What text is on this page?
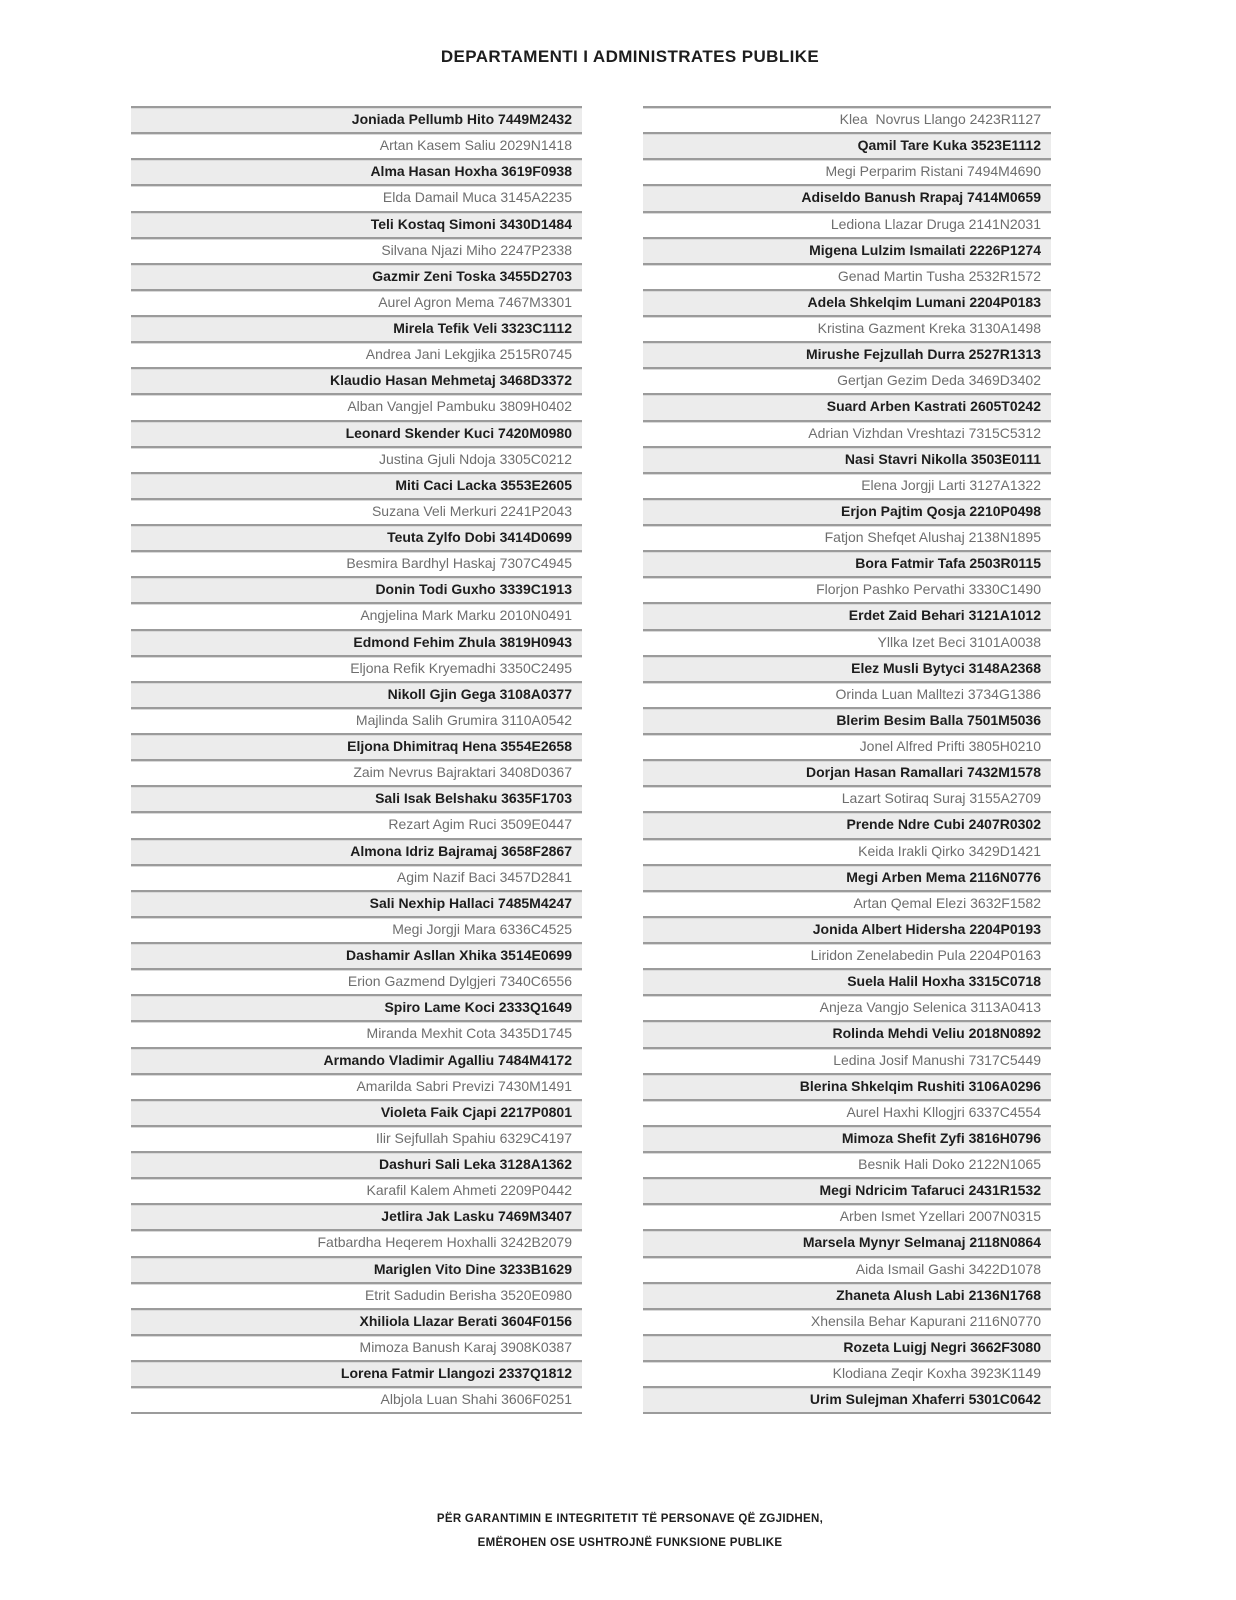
DEPARTAMENTI I ADMINISTRATES PUBLIKE
Joniada Pellumb Hito 7449M2432
Artan Kasem Saliu 2029N1418
Alma Hasan Hoxha 3619F0938
Elda Damail Muca 3145A2235
Teli Kostaq Simoni 3430D1484
Silvana Njazi Miho 2247P2338
Gazmir Zeni Toska 3455D2703
Aurel Agron Mema 7467M3301
Mirela Tefik Veli 3323C1112
Andrea Jani Lekgjika 2515R0745
Klaudio Hasan Mehmetaj 3468D3372
Alban Vangjel Pambuku 3809H0402
Leonard Skender Kuci 7420M0980
Justina Gjuli Ndoja 3305C0212
Miti Caci Lacka 3553E2605
Suzana Veli Merkuri 2241P2043
Teuta Zylfo Dobi 3414D0699
Besmira Bardhyl Haskaj 7307C4945
Donin Todi Guxho 3339C1913
Angjelina Mark Marku 2010N0491
Edmond Fehim Zhula 3819H0943
Eljona Refik Kryemadhi 3350C2495
Nikoll Gjin Gega 3108A0377
Majlinda Salih Grumira 3110A0542
Eljona Dhimitraq Hena 3554E2658
Zaim Nevrus Bajraktari 3408D0367
Sali Isak Belshaku 3635F1703
Rezart Agim Ruci 3509E0447
Almona Idriz Bajramaj 3658F2867
Agim Nazif Baci 3457D2841
Sali Nexhip Hallaci 7485M4247
Megi Jorgji Mara 6336C4525
Dashamir Asllan Xhika 3514E0699
Erion Gazmend Dylgjeri 7340C6556
Spiro Lame Koci 2333Q1649
Miranda Mexhit Cota 3435D1745
Armando Vladimir Agalliu 7484M4172
Amarilda Sabri Previzi 7430M1491
Violeta Faik Cjapi 2217P0801
Ilir Sejfullah Spahiu 6329C4197
Dashuri Sali Leka 3128A1362
Karafil Kalem Ahmeti 2209P0442
Jetlira Jak Lasku 7469M3407
Fatbardha Heqerem Hoxhalli 3242B2079
Mariglen Vito Dine 3233B1629
Etrit Sadudin Berisha 3520E0980
Xhiliola Llazar Berati 3604F0156
Mimoza Banush Karaj 3908K0387
Lorena Fatmir Llangozi 2337Q1812
Albjola Luan Shahi 3606F0251
Klea  Novrus Llango 2423R1127
Qamil Tare Kuka 3523E1112
Megi Perparim Ristani 7494M4690
Adiseldo Banush Rrapaj 7414M0659
Lediona Llazar Druga 2141N2031
Migena Lulzim Ismailati 2226P1274
Genad Martin Tusha 2532R1572
Adela Shkelqim Lumani 2204P0183
Kristina Gazment Kreka 3130A1498
Mirushe Fejzullah Durra 2527R1313
Gertjan Gezim Deda 3469D3402
Suard Arben Kastrati 2605T0242
Adrian Vizhdan Vreshtazi 7315C5312
Nasi Stavri Nikolla 3503E0111
Elena Jorgji Larti 3127A1322
Erjon Pajtim Qosja 2210P0498
Fatjon Shefqet Alushaj 2138N1895
Bora Fatmir Tafa 2503R0115
Florjon Pashko Pervathi 3330C1490
Erdet Zaid Behari 3121A1012
Yllka Izet Beci 3101A0038
Elez Musli Bytyci 3148A2368
Orinda Luan Malltezi 3734G1386
Blerim Besim Balla 7501M5036
Jonel Alfred Prifti 3805H0210
Dorjan Hasan Ramallari 7432M1578
Lazart Sotiraq Suraj 3155A2709
Prende Ndre Cubi 2407R0302
Keida Irakli Qirko 3429D1421
Megi Arben Mema 2116N0776
Artan Qemal Elezi 3632F1582
Jonida Albert Hidersha 2204P0193
Liridon Zenelabedin Pula 2204P0163
Suela Halil Hoxha 3315C0718
Anjeza Vangjo Selenica 3113A0413
Rolinda Mehdi Veliu 2018N0892
Ledina Josif Manushi 7317C5449
Blerina Shkelqim Rushiti 3106A0296
Aurel Haxhi Kllogjri 6337C4554
Mimoza Shefit Zyfi 3816H0796
Besnik Hali Doko 2122N1065
Megi Ndricim Tafaruci 2431R1532
Arben Ismet Yzellari 2007N0315
Marsela Mynyr Selmanaj 2118N0864
Aida Ismail Gashi 3422D1078
Zhaneta Alush Labi 2136N1768
Xhensila Behar Kapurani 2116N0770
Rozeta Luigj Negri 3662F3080
Klodiana Zeqir Koxha 3923K1149
Urim Sulejman Xhaferri 5301C0642
PËR GARANTIMIN E INTEGRITETIT TË PERSONAVE QË ZGJIDHEN,
EMËROHEN OSE USHTROJNË FUNKSIONE PUBLIKE
